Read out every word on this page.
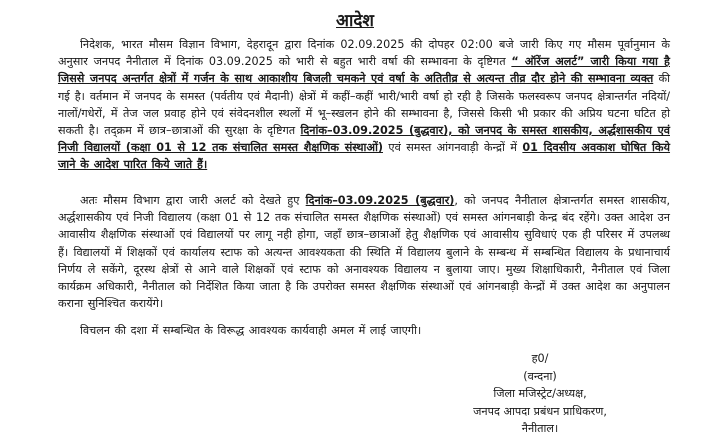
आदेश
निदेशक, भारत मौसम विज्ञान विभाग, देहरादून द्वारा दिनांक 02.09.2025 की दोपहर 02:00 बजे जारी किए गए मौसम पूर्वानुमान के अनुसार जनपद नैनीताल में दिनांक 03.09.2025 को भारी से बहुत भारी वर्षा की सम्भावना के दृष्टिगत “ ऑरेंज अलर्ट” जारी किया गया है जिससे जनपद अन्तर्गत क्षेत्रों में गर्जन के साथ आकाशीय बिजली चमकने एवं वर्षा के अतितीव्र से अत्यन्त तीव्र दौर होने की सम्भावना व्यक्त की गई है। वर्तमान में जनपद के समस्त (पर्वतीय एवं मैदानी) क्षेत्रों में कहीं–कहीं भारी/भारी वर्षा हो रही है जिसके फलस्वरूप जनपद क्षेत्रान्तर्गत नदियों/नालों/गधेरों, में तेज जल प्रवाह होने एवं संवेदनशील स्थलों में भू–स्खलन होने की सम्भावना है, जिससे किसी भी प्रकार की अप्रिय घटना घटित हो सकती है। तद्क्रम में छात्र–छात्राओं की सुरक्षा के दृष्टिगत दिनांक–03.09.2025 (बुद्धवार), को जनपद के समस्त शासकीय, अर्द्धशासकीय एवं निजी विद्यालयों (कक्षा 01 से 12 तक संचालित समस्त शैक्षणिक संस्थाओं) एवं समस्त आंगनवाड़ी केन्द्रों में 01 दिवसीय अवकाश घोषित किये जाने के आदेश पारित किये जाते हैं।
अतः मौसम विभाग द्वारा जारी अलर्ट को देखते हुए दिनांक–03.09.2025 (बुद्धवार), को जनपद नैनीताल क्षेत्रान्तर्गत समस्त शासकीय, अर्द्धशासकीय एवं निजी विद्यालय (कक्षा 01 से 12 तक संचालित समस्त शैक्षणिक संस्थाओं) एवं समस्त आंगनबाड़ी केन्द्र बंद रहेंगे। उक्त आदेश उन आवासीय शैक्षणिक संस्थाओं एवं विद्यालयों पर लागू नही होगा, जहाँ छात्र–छात्राओं हेतु शैक्षणिक एवं आवासीय सुविधाएं एक ही परिसर में उपलब्ध हैं। विद्यालयों में शिक्षकों एवं कार्यालय स्टाफ को अत्यन्त आवश्यकता की स्थिति में विद्यालय बुलाने के सम्बन्ध में सम्बन्धित विद्यालय के प्रधानाचार्य निर्णय ले सकेंगे, दूरस्थ क्षेत्रों से आने वाले शिक्षकों एवं स्टाफ को अनावश्यक विद्यालय न बुलाया जाए। मुख्य शिक्षाधिकारी, नैनीताल एवं जिला कार्यक्रम अधिकारी, नैनीताल को निर्देशित किया जाता है कि उपरोक्त समस्त शैक्षणिक संस्थाओं एवं आंगनबाड़ी केन्द्रों में उक्त आदेश का अनुपालन कराना सुनिश्चित करायेंगे।
विचलन की दशा में सम्बन्धित के विरूद्ध आवश्यक कार्यवाही अमल में लाई जाएगी।
ह0/
(वन्दना)
जिला मजिस्ट्रेट/अध्यक्ष,
जनपद आपदा प्रबंधन प्राधिकरण,
नैनीताल।
